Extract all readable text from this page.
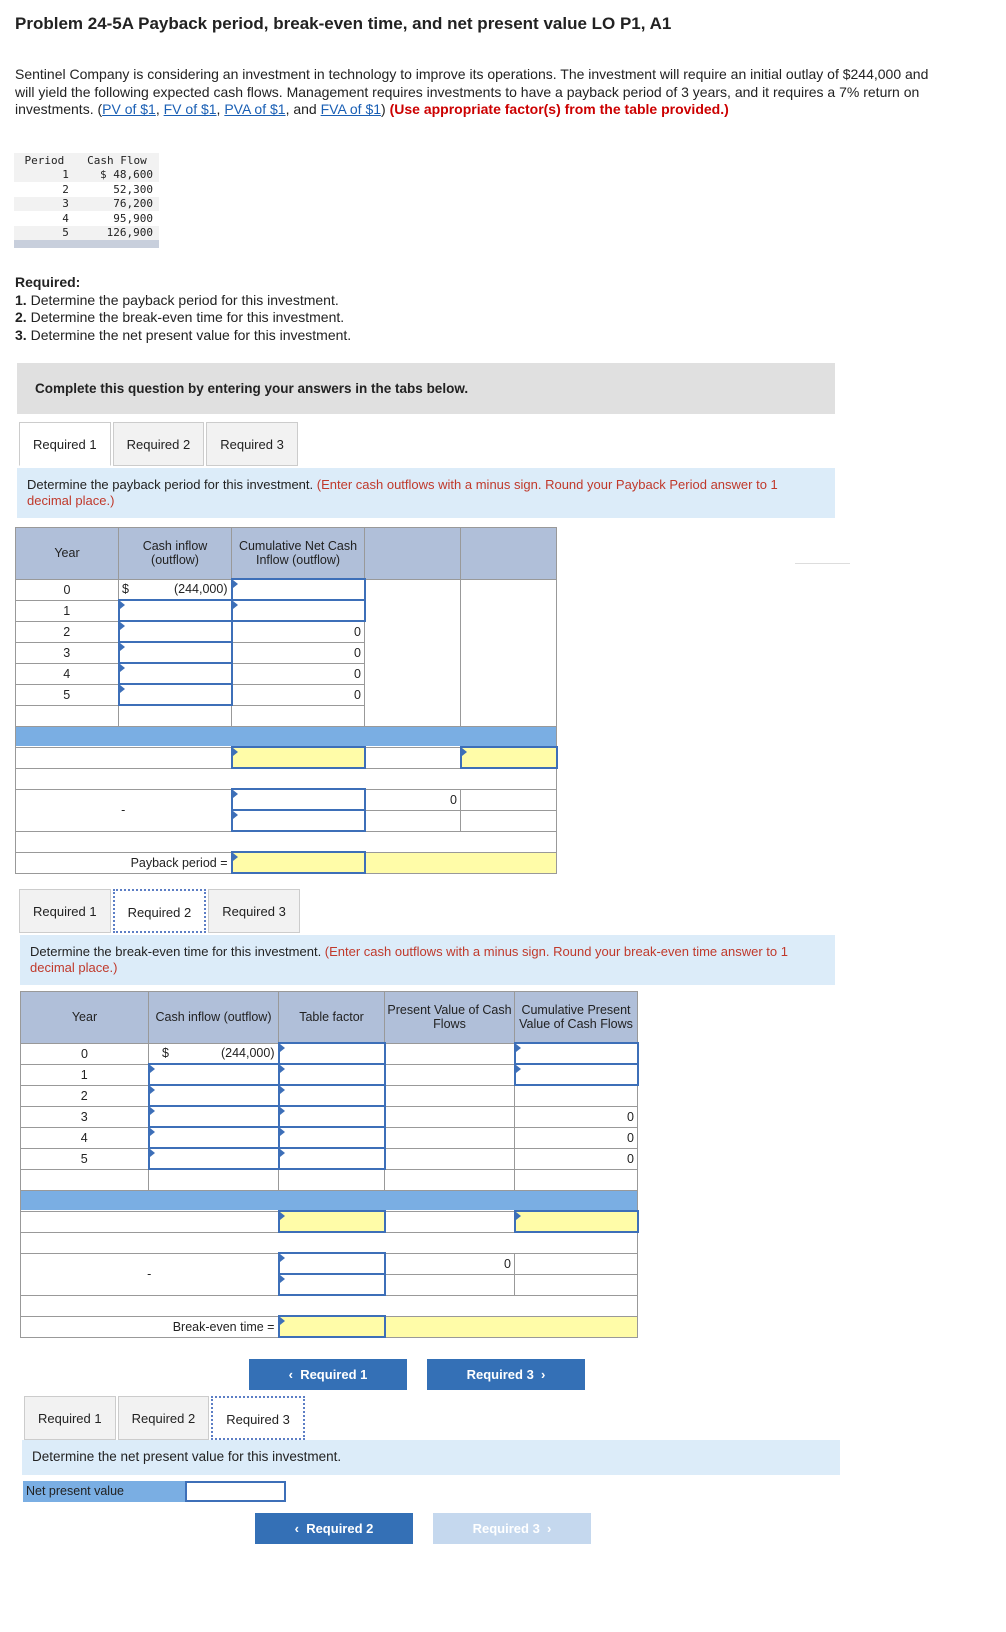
Problem 24-5A Payback period, break-even time, and net present value LO P1, A1
Sentinel Company is considering an investment in technology to improve its operations. The investment will require an initial outlay of $244,000 and will yield the following expected cash flows. Management requires investments to have a payback period of 3 years, and it requires a 7% return on investments. (PV of $1, FV of $1, PVA of $1, and FVA of $1) (Use appropriate factor(s) from the table provided.)
Period	Cash Flow
1	$ 48,600
2	52,300
3	76,200
4	95,900
5	126,900

Required:
1. Determine the payback period for this investment.
2. Determine the break-even time for this investment.
3. Determine the net present value for this investment.
Complete this question by entering your answers in the tabs below.
Required 1	Required 2	Required 3
Determine the payback period for this investment. (Enter cash outflows with a minus sign. Round your Payback Period answer to 1 decimal place.)
Year	Cash inflow (outflow)	Cumulative Net Cash Inflow (outflow)		
0	$ (244,000)			

1				
2		0		
3		0		
4		0		
5		0		

-			0	

Payback period =				
Required 1	Required 2	Required 3
Determine the break-even time for this investment. (Enter cash outflows with a minus sign. Round your break-even time answer to 1 decimal place.)
Year	Cash inflow (outflow)	Table factor	Present Value of Cash Flows	Cumulative Present Value of Cash Flows
0	$ (244,000)			

1				
2				
3				0
4				0
5				0

-			0	

Break-even time =				
‹  Required 1	Required 3  ›
Required 1	Required 2	Required 3
Determine the net present value for this investment.
Net present value
‹  Required 2	Required 3  ›
